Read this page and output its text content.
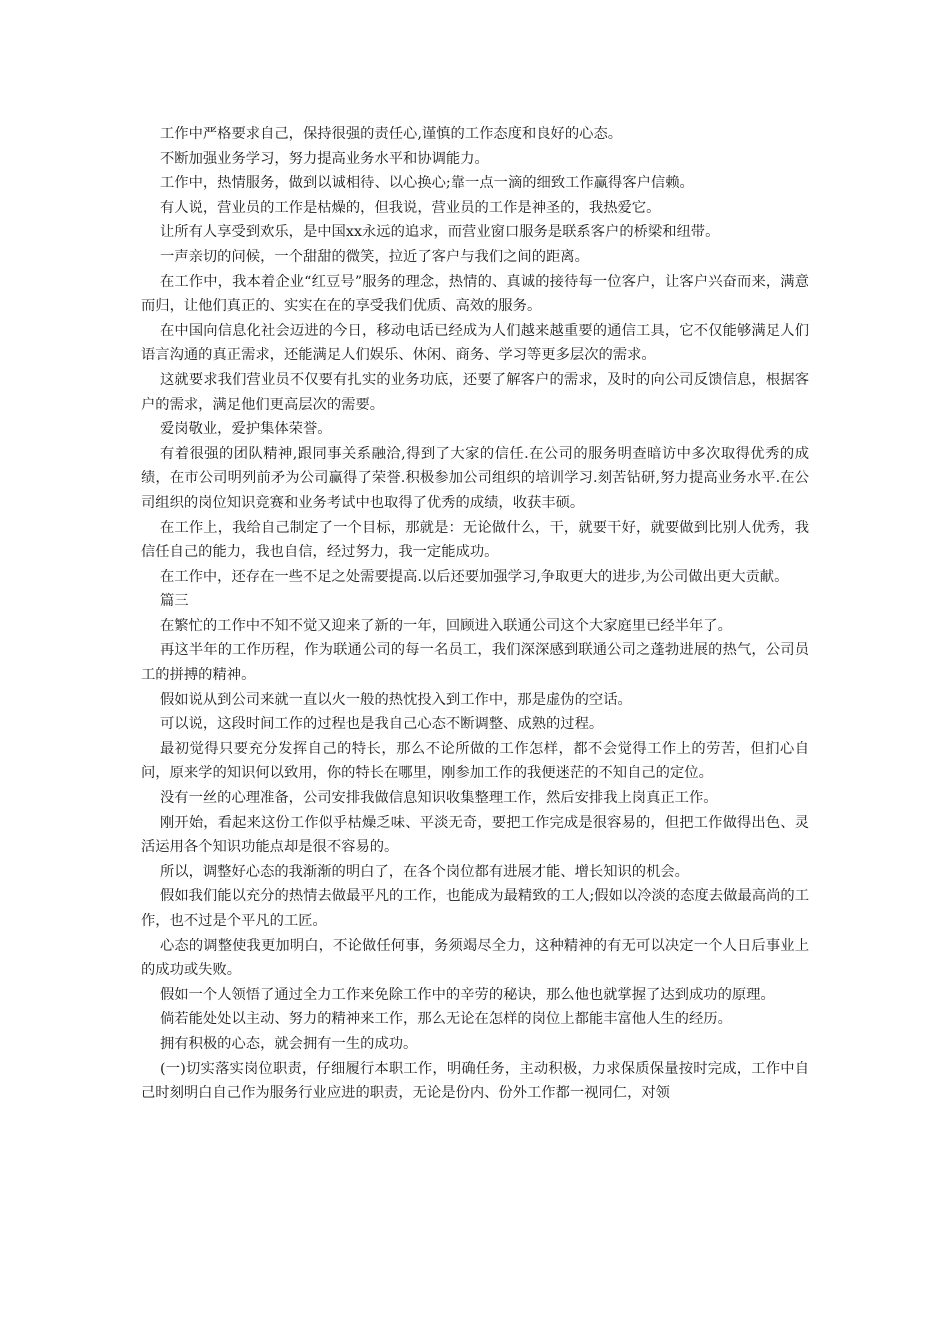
工作中严格要求自己，保持很强的责任心,谨慎的工作态度和良好的心态。

不断加强业务学习，努力提高业务水平和协调能力。

工作中，热情服务，做到以诚相待、以心换心;靠一点一滴的细致工作赢得客户信赖。

有人说，营业员的工作是枯燥的，但我说，营业员的工作是神圣的，我热爱它。

让所有人享受到欢乐，是中国xx永远的追求，而营业窗口服务是联系客户的桥梁和纽带。

一声亲切的问候，一个甜甜的微笑，拉近了客户与我们之间的距离。

在工作中，我本着企业“红豆号”服务的理念，热情的、真诚的接待每一位客户，让客户兴奋而来，满意而归，让他们真正的、实实在在的享受我们优质、高效的服务。

在中国向信息化社会迈进的今日，移动电话已经成为人们越来越重要的通信工具，它不仅能够满足人们语言沟通的真正需求，还能满足人们娱乐、休闲、商务、学习等更多层次的需求。

这就要求我们营业员不仅要有扎实的业务功底，还要了解客户的需求，及时的向公司反馈信息，根据客户的需求，满足他们更高层次的需要。

爱岗敬业，爱护集体荣誉。

有着很强的团队精神,跟同事关系融洽,得到了大家的信任.在公司的服务明查暗访中多次取得优秀的成绩，在市公司明列前矛为公司赢得了荣誉.积极参加公司组织的培训学习.刻苦钻研,努力提高业务水平.在公司组织的岗位知识竞赛和业务考试中也取得了优秀的成绩，收获丰硕。

在工作上，我给自己制定了一个目标，那就是：无论做什么，干，就要干好，就要做到比别人优秀，我信任自己的能力，我也自信，经过努力，我一定能成功。

在工作中，还存在一些不足之处需要提高.以后还要加强学习,争取更大的进步,为公司做出更大贡献。

篇三

在繁忙的工作中不知不觉又迎来了新的一年，回顾进入联通公司这个大家庭里已经半年了。

再这半年的工作历程，作为联通公司的每一名员工，我们深深感到联通公司之蓬勃进展的热气，公司员工的拼搏的精神。

假如说从到公司来就一直以火一般的热忱投入到工作中，那是虚伪的空话。

可以说，这段时间工作的过程也是我自己心态不断调整、成熟的过程。

最初觉得只要充分发挥自己的特长，那么不论所做的工作怎样，都不会觉得工作上的劳苦，但扪心自问，原来学的知识何以致用，你的特长在哪里，刚参加工作的我便迷茫的不知自己的定位。

没有一丝的心理准备，公司安排我做信息知识收集整理工作，然后安排我上岗真正工作。

刚开始，看起来这份工作似乎枯燥乏味、平淡无奇，要把工作完成是很容易的，但把工作做得出色、灵活运用各个知识功能点却是很不容易的。

所以，调整好心态的我渐渐的明白了，在各个岗位都有进展才能、增长知识的机会。

假如我们能以充分的热情去做最平凡的工作，也能成为最精致的工人;假如以冷淡的态度去做最高尚的工作，也不过是个平凡的工匠。

心态的调整使我更加明白，不论做任何事，务须竭尽全力，这种精神的有无可以决定一个人日后事业上的成功或失败。

假如一个人领悟了通过全力工作来免除工作中的辛劳的秘诀，那么他也就掌握了达到成功的原理。

倘若能处处以主动、努力的精神来工作，那么无论在怎样的岗位上都能丰富他人生的经历。

拥有积极的心态，就会拥有一生的成功。

(一)切实落实岗位职责，仔细履行本职工作，明确任务，主动积极，力求保质保量按时完成，工作中自己时刻明白自己作为服务行业应进的职责，无论是份内、份外工作都一视同仁，对领
